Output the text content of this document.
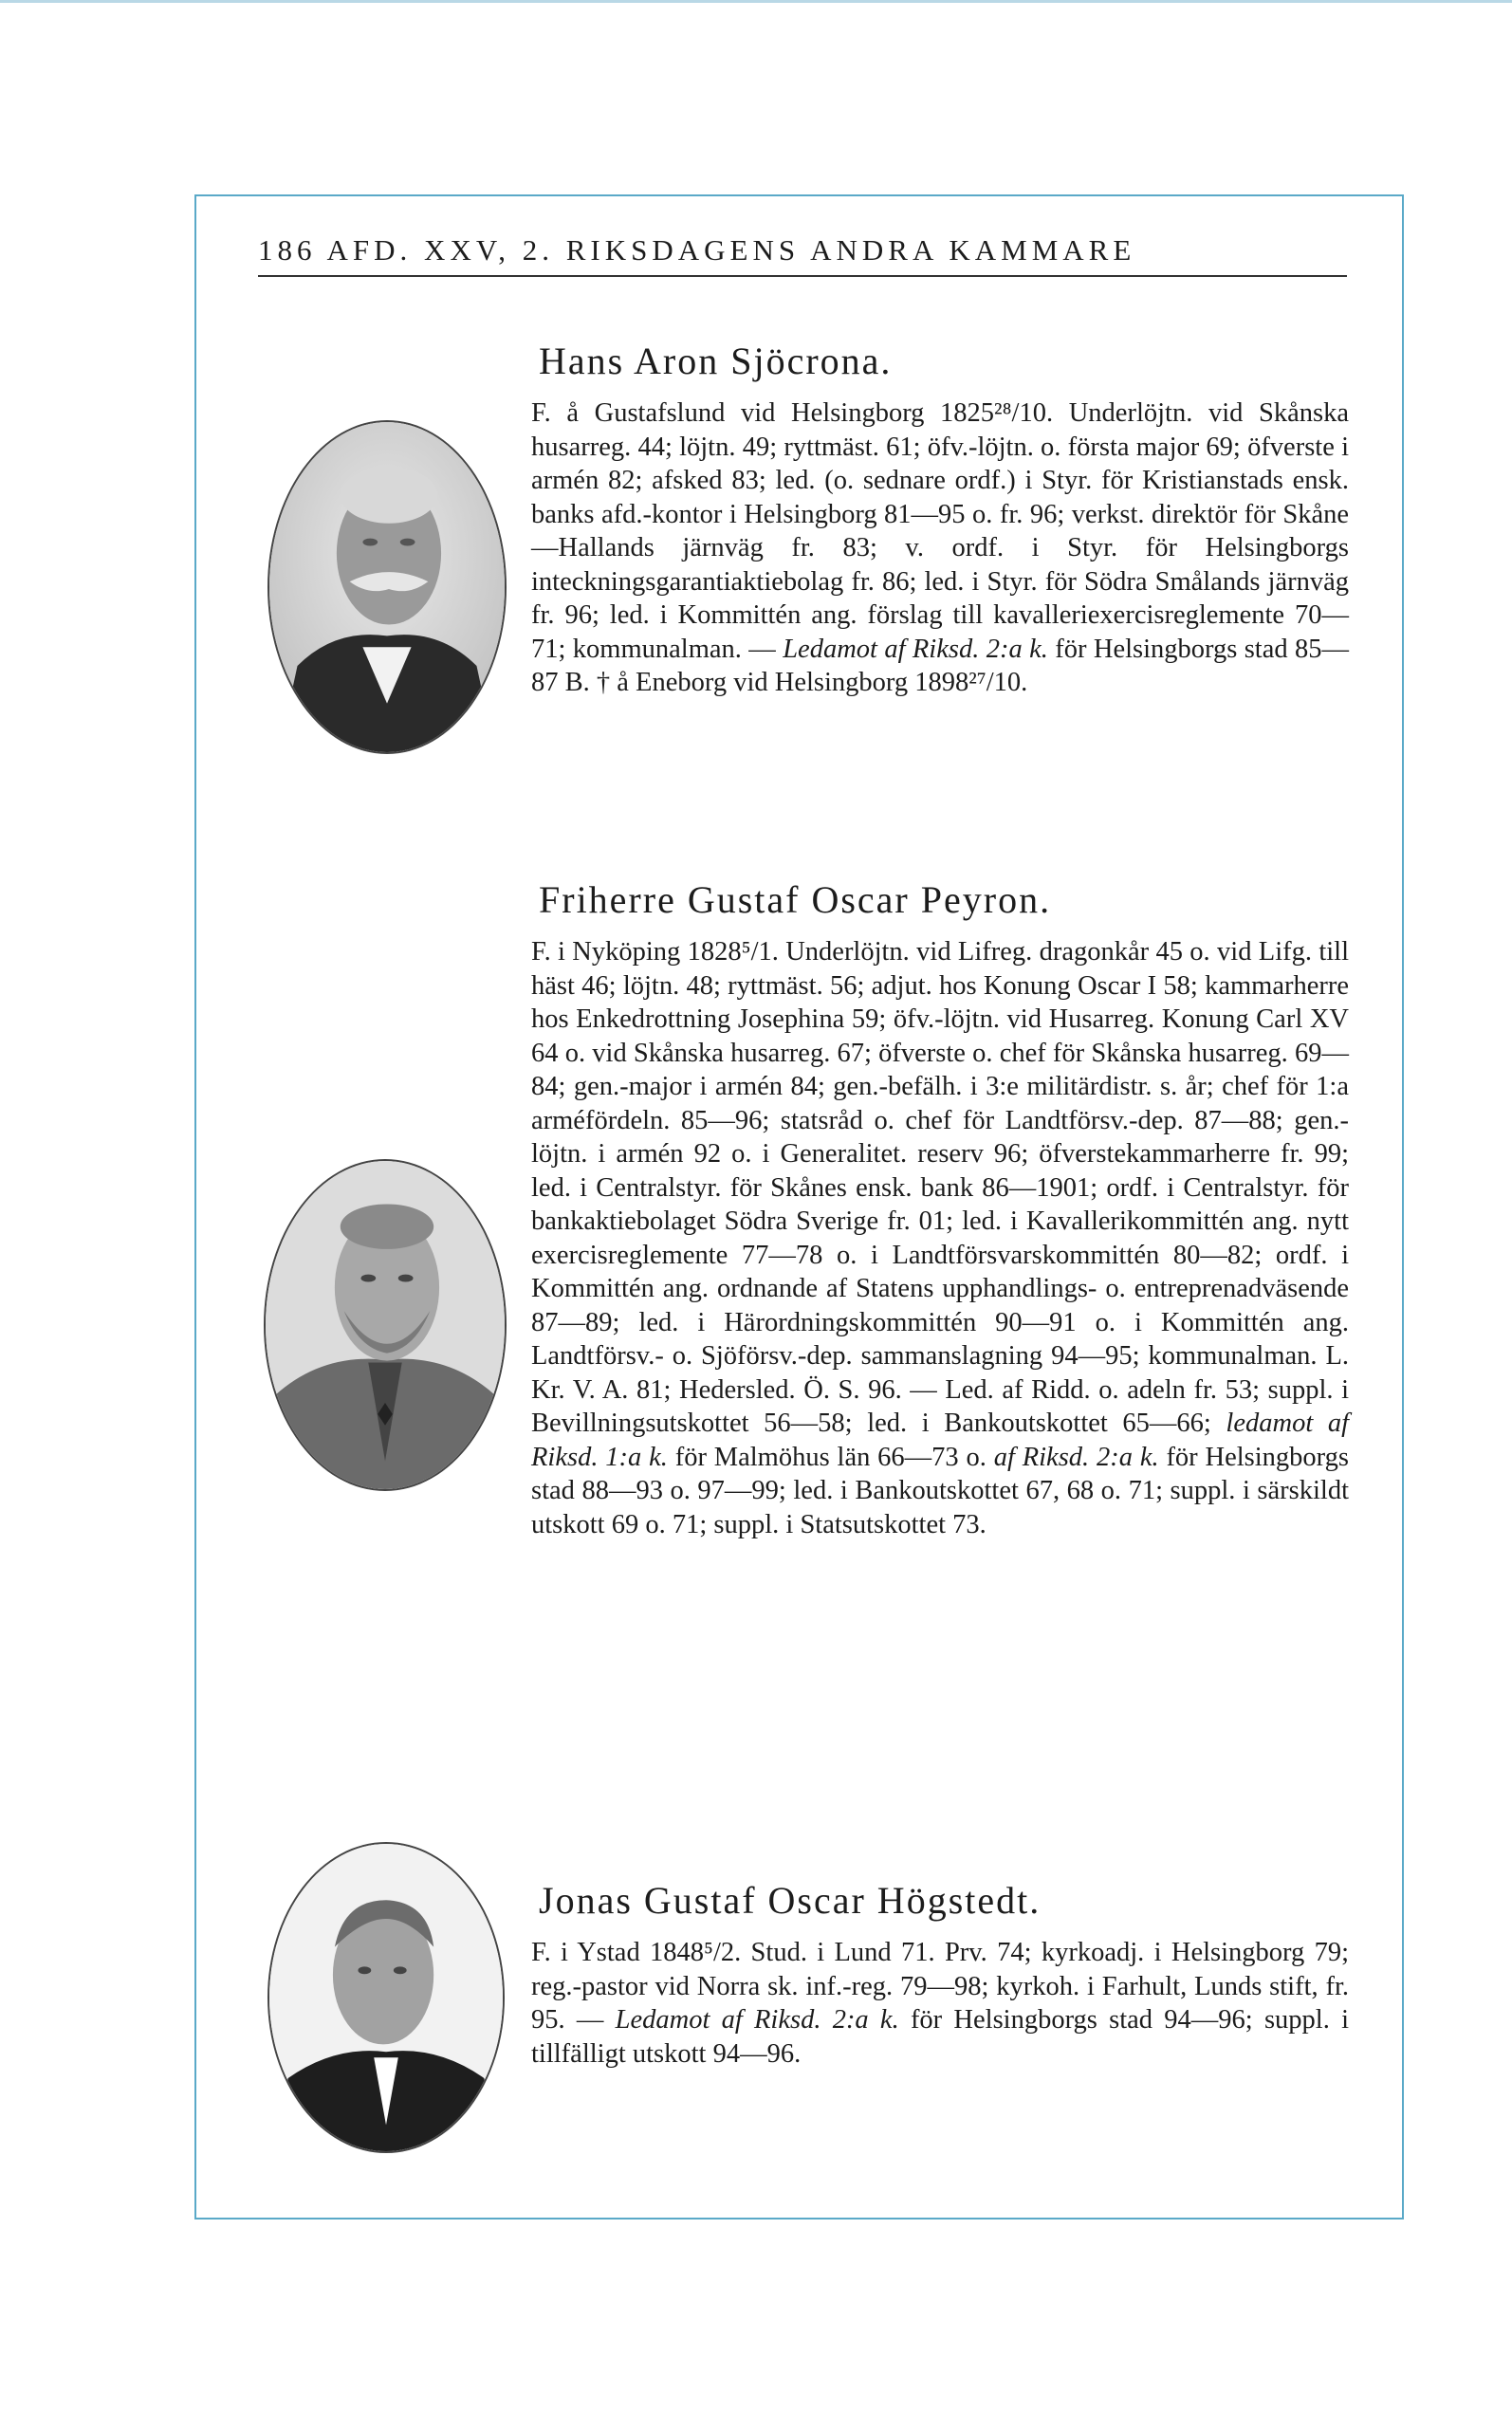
186 AFD. XXV, 2. RIKSDAGENS ANDRA KAMMARE
Hans Aron Sjöcrona.
F. å Gustafslund vid Helsingborg 1825²⁸/10. Underlöjtn. vid Skånska husarreg. 44; löjtn. 49; ryttmäst. 61; öfv.-löjtn. o. första major 69; öfverste i armén 82; afsked 83; led. (o. sednare ordf.) i Styr. för Kristianstads ensk. banks afd.-kontor i Helsingborg 81—95 o. fr. 96; verkst. direktör för Skåne—Hallands järnväg fr. 83; v. ordf. i Styr. för Helsingborgs inteckningsgarantiaktiebolag fr. 86; led. i Styr. för Södra Smålands järnväg fr. 96; led. i Kommittén ang. förslag till kavalleriexercisreglemente 70—71; kommunalman. — Ledamot af Riksd. 2:a k. för Helsingborgs stad 85—87 B. † å Eneborg vid Helsingborg 1898²⁷/10.
Friherre Gustaf Oscar Peyron.
F. i Nyköping 1828⁵/1. Underlöjtn. vid Lifreg. dragonkår 45 o. vid Lifg. till häst 46; löjtn. 48; ryttmäst. 56; adjut. hos Konung Oscar I 58; kammarherre hos Enkedrottning Josephina 59; öfv.-löjtn. vid Husarreg. Konung Carl XV 64 o. vid Skånska husarreg. 67; öfverste o. chef för Skånska husarreg. 69—84; gen.-major i armén 84; gen.-befälh. i 3:e militärdistr. s. år; chef för 1:a arméfördeln. 85—96; statsråd o. chef för Landtförsv.-dep. 87—88; gen.-löjtn. i armén 92 o. i Generalitet. reserv 96; öfverstekammarherre fr. 99; led. i Centralstyr. för Skånes ensk. bank 86—1901; ordf. i Centralstyr. för bankaktiebolaget Södra Sverige fr. 01; led. i Kavallerikommittén ang. nytt exercisreglemente 77—78 o. i Landtförsvarskommittén 80—82; ordf. i Kommittén ang. ordnande af Statens upphandlings- o. entreprenadväsende 87—89; led. i Härordningskommittén 90—91 o. i Kommittén ang. Landtförsv.- o. Sjöförsv.-dep. sammanslagning 94—95; kommunalman. L. Kr. V. A. 81; Hedersled. Ö. S. 96. — Led. af Ridd. o. adeln fr. 53; suppl. i Bevillningsutskottet 56—58; led. i Bankoutskottet 65—66; ledamot af Riksd. 1:a k. för Malmöhus län 66—73 o. af Riksd. 2:a k. för Helsingborgs stad 88—93 o. 97—99; led. i Bankoutskottet 67, 68 o. 71; suppl. i särskildt utskott 69 o. 71; suppl. i Statsutskottet 73.
Jonas Gustaf Oscar Högstedt.
F. i Ystad 1848⁵/2. Stud. i Lund 71. Prv. 74; kyrkoadj. i Helsingborg 79; reg.-pastor vid Norra sk. inf.-reg. 79—98; kyrkoh. i Farhult, Lunds stift, fr. 95. — Ledamot af Riksd. 2:a k. för Helsingborgs stad 94—96; suppl. i tillfälligt utskott 94—96.
